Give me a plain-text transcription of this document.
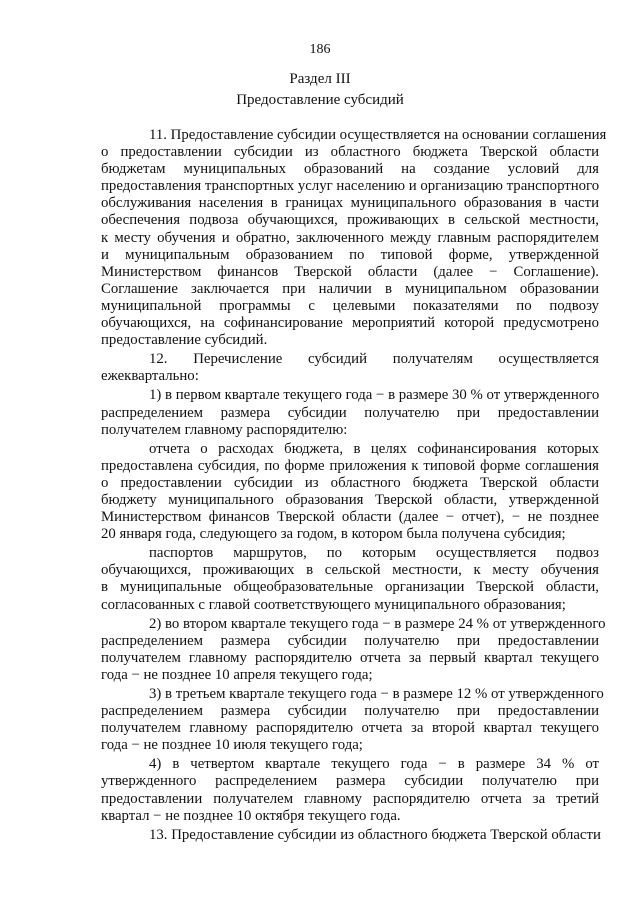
186
Раздел III
Предоставление субсидий
11. Предоставление субсидии осуществляется на основании соглашения
о предоставлении субсидии из областного бюджета Тверской области
бюджетам муниципальных образований на создание условий для
предоставления транспортных услуг населению и организацию транспортного
обслуживания населения в границах муниципального образования в части
обеспечения подвоза обучающихся, проживающих в сельской местности,
к месту обучения и обратно, заключенного между главным распорядителем
и муниципальным образованием по типовой форме, утвержденной
Министерством финансов Тверской области (далее − Соглашение).
Соглашение заключается при наличии в муниципальном образовании
муниципальной программы с целевыми показателями по подвозу
обучающихся, на софинансирование мероприятий которой предусмотрено
предоставление субсидий.
12. Перечисление субсидий получателям осуществляется
ежеквартально:
1) в первом квартале текущего года − в размере 30 % от утвержденного
распределением размера субсидии получателю при предоставлении
получателем главному распорядителю:
отчета о расходах бюджета, в целях софинансирования которых
предоставлена субсидия, по форме приложения к типовой форме соглашения
о предоставлении субсидии из областного бюджета Тверской области
бюджету муниципального образования Тверской области, утвержденной
Министерством финансов Тверской области (далее − отчет), − не позднее
20 января года, следующего за годом, в котором была получена субсидия;
паспортов маршрутов, по которым осуществляется подвоз
обучающихся, проживающих в сельской местности, к месту обучения
в муниципальные общеобразовательные организации Тверской области,
согласованных с главой соответствующего муниципального образования;
2) во втором квартале текущего года − в размере 24 % от утвержденного
распределением размера субсидии получателю при предоставлении
получателем главному распорядителю отчета за первый квартал текущего
года − не позднее 10 апреля текущего года;
3) в третьем квартале текущего года − в размере 12 % от утвержденного
распределением размера субсидии получателю при предоставлении
получателем главному распорядителю отчета за второй квартал текущего
года − не позднее 10 июля текущего года;
4) в четвертом квартале текущего года − в размере 34 % от
утвержденного распределением размера субсидии получателю при
предоставлении получателем главному распорядителю отчета за третий
квартал − не позднее 10 октября текущего года.
13. Предоставление субсидии из областного бюджета Тверской области
